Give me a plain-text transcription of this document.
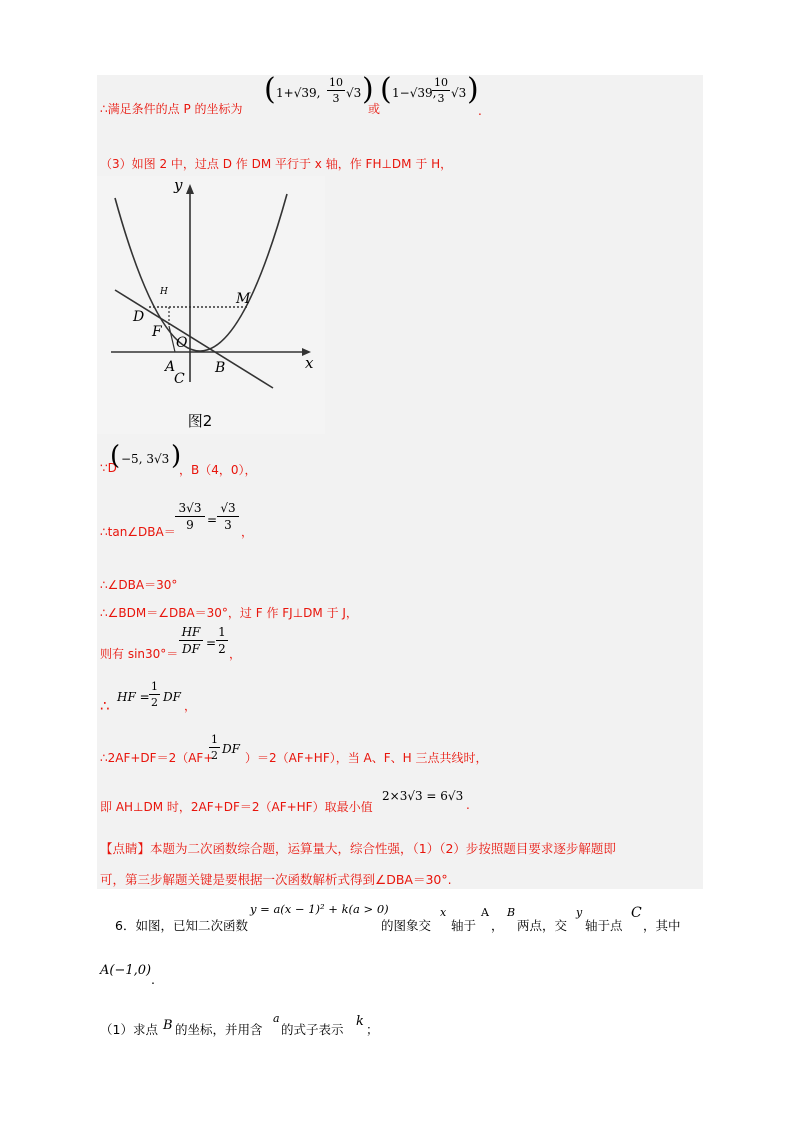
∴满足条件的点 P 的坐标为
( 1+√39,
10
3 √3 )
或
( 1−√39,
10
3 √3 )
.
（3）如图 2 中，过点 D 作 DM 平行于 x 轴，作 FH⊥DM 于 H，
y
x
H	M
D
F
O
A
C
B
图2
∵D
( −5, 3√3 )
，B（4，0），
∴tan∠DBA＝
3√3
9	=
√3
3 ，
∴∠DBA＝30°
∴∠BDM＝∠DBA＝30°，过 F 作 FJ⊥DM 于 J，
则有 sin30°＝
HF
DF =
1
2 ，
∴ HF =
1
2 DF
，
∴2AF+DF＝2（AF+
1
2 DF
）＝2（AF+HF），当 A、F、H 三点共线时，
即 AH⊥DM 时，2AF+DF＝2（AF+HF）取最小值
2×3√3 = 6√3
.
【点睛】本题为二次函数综合题，运算量大，综合性强，（1）（2）步按照题目要求逐步解题即
可，第三步解题关键是要根据一次函数解析式得到∠DBA＝30°.
6．如图，已知二次函数
y = a(x − 1)² + k(a > 0)
的图象交
x
轴于
A
，
B
两点，交
y
轴于点
C
，其中
A(−1,0)
.
（1）求点 B 的坐标，并用含
a
的式子表示
k
；
